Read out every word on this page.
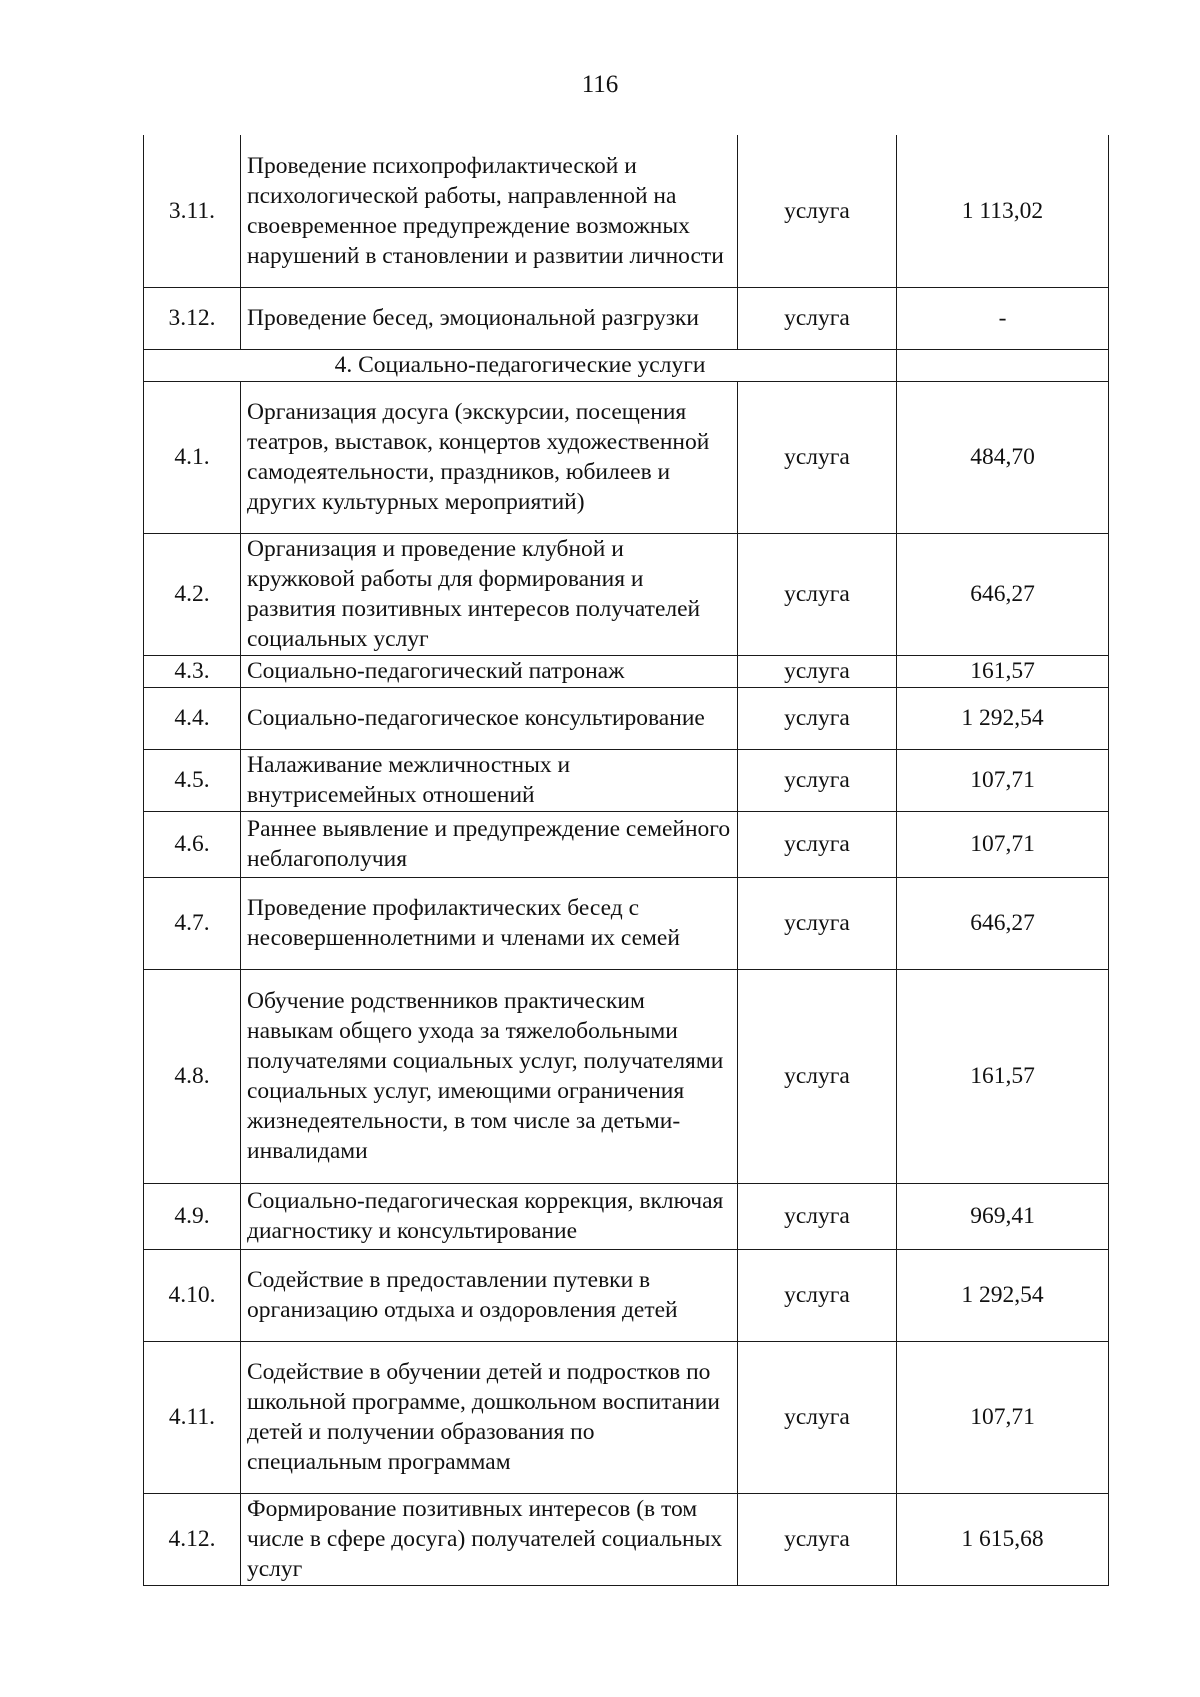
116
3.11.	Проведение психопрофилактической и психологической работы, направленной на своевременное предупреждение возможных нарушений в становлении и развитии личности	услуга	1 113,02
3.12.	Проведение бесед, эмоциональной разгрузки	услуга	-
4. Социально-педагогические услуги			
4.1.	Организация досуга (экскурсии, посещения театров, выставок, концертов художественной самодеятельности, праздников, юбилеев и других культурных мероприятий)	услуга	484,70
4.2.	Организация и проведение клубной и кружковой работы для формирования и развития позитивных интересов получателей социальных услуг	услуга	646,27
4.3.	Социально-педагогический патронаж	услуга	161,57
4.4.	Социально-педагогическое консультирование	услуга	1 292,54
4.5.	Налаживание межличностных и внутрисемейных отношений	услуга	107,71
4.6.	Раннее выявление и предупреждение семейного неблагополучия	услуга	107,71
4.7.	Проведение профилактических бесед с несовершеннолетними и членами их семей	услуга	646,27
4.8.	Обучение родственников практическим навыкам общего ухода за тяжелобольными получателями социальных услуг, получателями социальных услуг, имеющими ограничения жизнедеятельности, в том числе за детьми-инвалидами	услуга	161,57
4.9.	Социально-педагогическая коррекция, включая диагностику и консультирование	услуга	969,41
4.10.	Содействие в предоставлении путевки в организацию отдыха и оздоровления детей	услуга	1 292,54
4.11.	Содействие в обучении детей и подростков по школьной программе, дошкольном воспитании детей и получении образования по специальным программам	услуга	107,71
4.12.	Формирование позитивных интересов (в том числе в сфере досуга) получателей социальных услуг	услуга	1 615,68
